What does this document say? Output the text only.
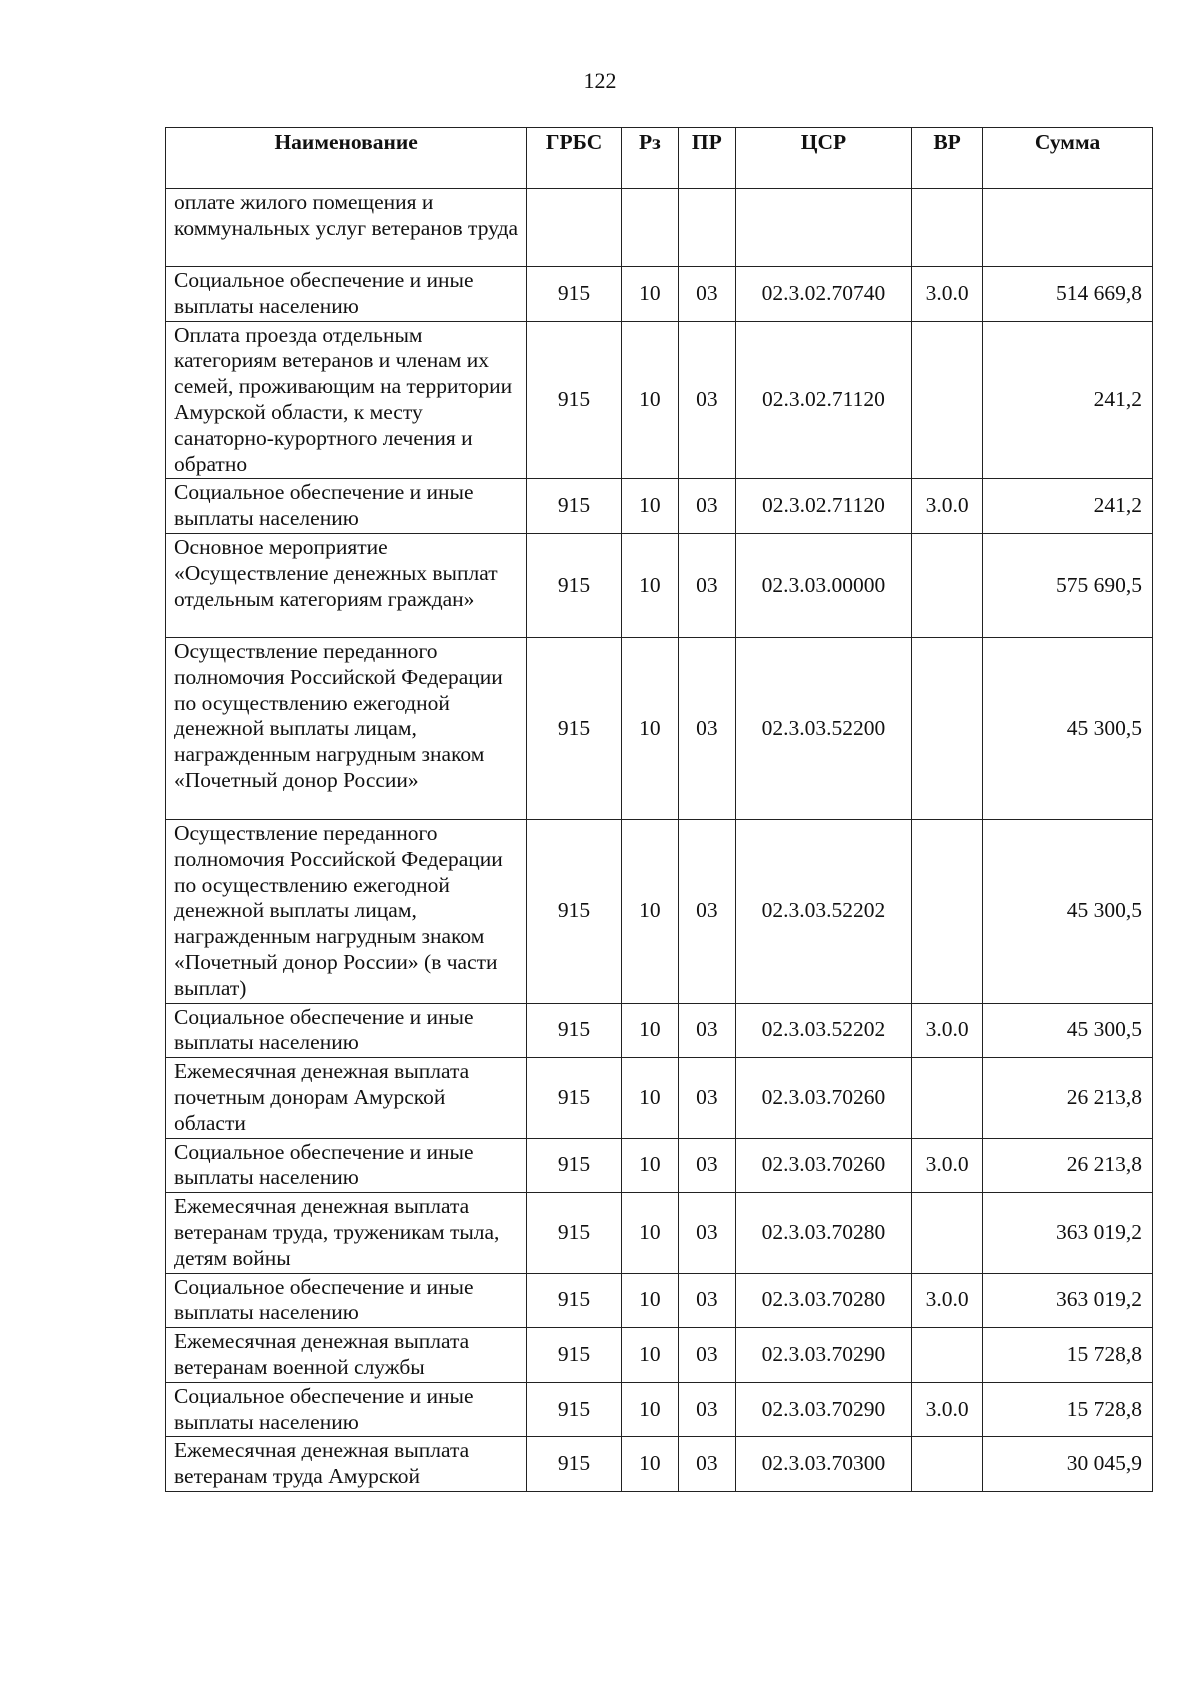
122
Наименование	ГРБС	Рз	ПР	ЦСР	ВР	Сумма
оплате жилого помещения и коммунальных услуг ветеранов труда						
Социальное обеспечение и иные выплаты населению	915	10	03	02.3.02.70740	3.0.0	514 669,8
Оплата проезда отдельным категориям ветеранов и членам их семей, проживающим на территории Амурской области, к месту санаторно-курортного лечения и обратно	915	10	03	02.3.02.71120		241,2
Социальное обеспечение и иные выплаты населению	915	10	03	02.3.02.71120	3.0.0	241,2
Основное мероприятие «Осуществление денежных выплат отдельным категориям граждан»	915	10	03	02.3.03.00000		575 690,5
Осуществление переданного полномочия Российской Федерации по осуществлению ежегодной денежной выплаты лицам, награжденным нагрудным знаком «Почетный донор России»	915	10	03	02.3.03.52200		45 300,5
Осуществление переданного полномочия Российской Федерации по осуществлению ежегодной денежной выплаты лицам, награжденным нагрудным знаком «Почетный донор России» (в части выплат)	915	10	03	02.3.03.52202		45 300,5
Социальное обеспечение и иные выплаты населению	915	10	03	02.3.03.52202	3.0.0	45 300,5
Ежемесячная денежная выплата почетным донорам Амурской области	915	10	03	02.3.03.70260		26 213,8
Социальное обеспечение и иные выплаты населению	915	10	03	02.3.03.70260	3.0.0	26 213,8
Ежемесячная денежная выплата ветеранам труда, труженикам тыла, детям войны	915	10	03	02.3.03.70280		363 019,2
Социальное обеспечение и иные выплаты населению	915	10	03	02.3.03.70280	3.0.0	363 019,2
Ежемесячная денежная выплата ветеранам военной службы	915	10	03	02.3.03.70290		15 728,8
Социальное обеспечение и иные выплаты населению	915	10	03	02.3.03.70290	3.0.0	15 728,8
Ежемесячная денежная выплата ветеранам труда Амурской	915	10	03	02.3.03.70300		30 045,9
